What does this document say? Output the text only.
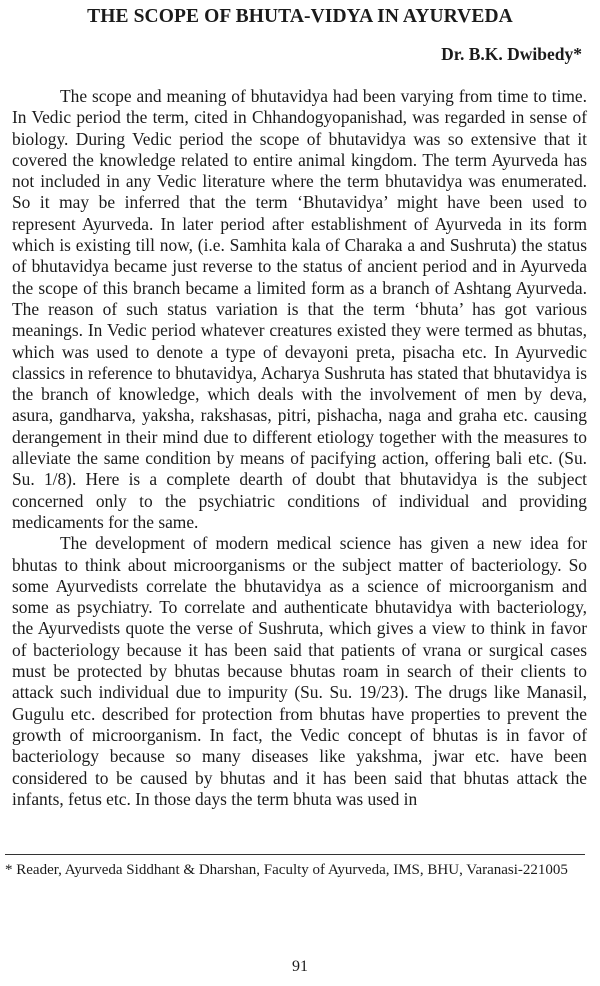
THE SCOPE OF BHUTA-VIDYA IN AYURVEDA
Dr. B.K. Dwibedy*

The scope and meaning of bhutavidya had been varying from time to time. In Vedic period the term, cited in Chhandogyopanishad, was regarded in sense of biology. During Vedic period the scope of bhutavidya was so extensive that it covered the knowledge related to entire animal kingdom. The term Ayurveda has not included in any Vedic literature where the term bhutavidya was enumerated. So it may be inferred that the term ‘Bhutavidya’ might have been used to represent Ayurveda. In later period after establishment of Ayurveda in its form which is existing till now, (i.e. Samhita kala of Charaka a and Sushruta) the status of bhutavidya became just reverse to the status of ancient period and in Ayurveda the scope of this branch became a limited form as a branch of Ashtang Ayurveda. The reason of such status variation is that the term ‘bhuta’ has got various meanings. In Vedic period whatever creatures existed they were termed as bhutas, which was used to denote a type of devayoni preta, pisacha etc. In Ayurvedic classics in reference to bhutavidya, Acharya Sushruta has stated that bhutavidya is the branch of knowledge, which deals with the involvement of men by deva, asura, gandharva, yaksha, rakshasas, pitri, pishacha, naga and graha etc. causing derangement in their mind due to different etiology together with the measures to alleviate the same condition by means of pacifying action, offering bali etc. (Su. Su. 1/8). Here is a complete dearth of doubt that bhutavidya is the subject concerned only to the psychiatric conditions of individual and providing medicaments for the same.

The development of modern medical science has given a new idea for bhutas to think about microorganisms or the subject matter of bacteriology. So some Ayurvedists correlate the bhutavidya as a science of microorganism and some as psychiatry. To correlate and authenticate bhutavidya with bacteriology, the Ayurvedists quote the verse of Sushruta, which gives a view to think in favor of bacteriology because it has been said that patients of vrana or surgical cases must be protected by bhutas because bhutas roam in search of their clients to attack such individual due to impurity (Su. Su. 19/23). The drugs like Manasil, Gugulu etc. described for protection from bhutas have properties to prevent the growth of microorganism. In fact, the Vedic concept of bhutas is in favor of bacteriology because so many diseases like yakshma, jwar etc. have been considered to be caused by bhutas and it has been said that bhutas attack the infants, fetus etc. In those days the term bhuta was used in

* Reader, Ayurveda Siddhant & Dharshan, Faculty of Ayurveda, IMS, BHU, Varanasi-221005
91
